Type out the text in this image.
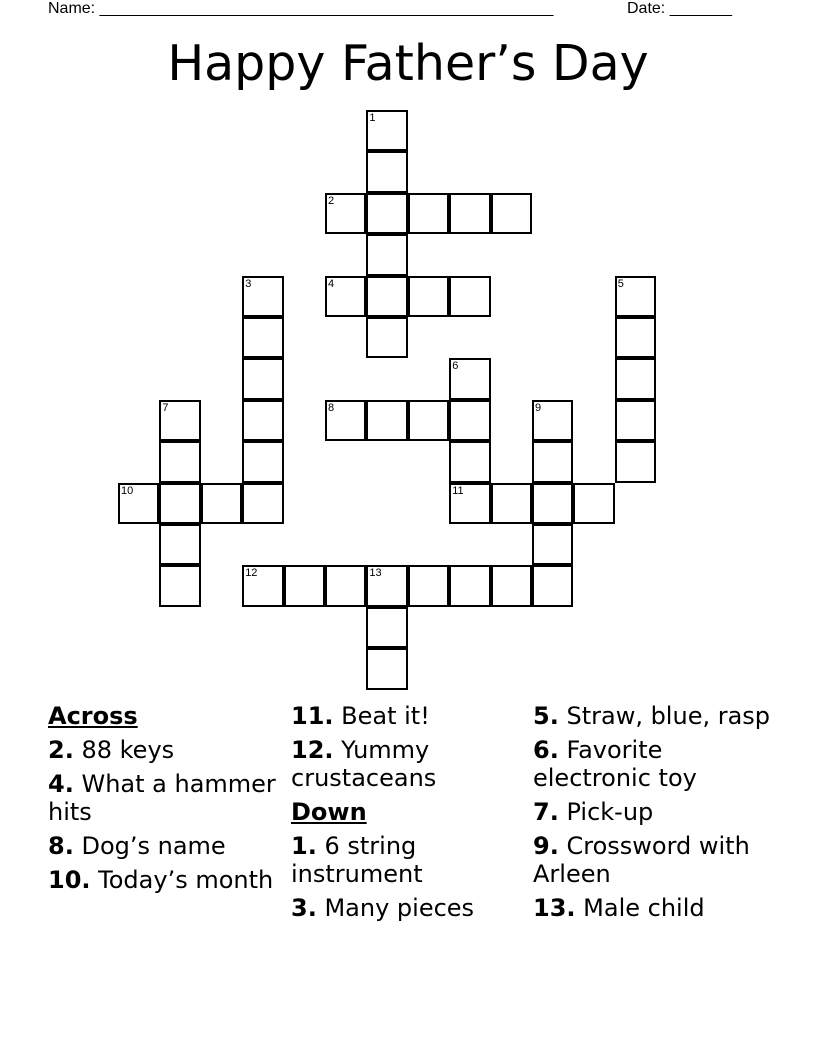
Name: ___________________________________________________	Date: _______
Happy Father’s Day
1
2
3	4	5
6
7	8	9
10	11
12	13
Across
2. 88 keys
4. What a hammer hits
8. Dog’s name
10. Today’s month
11. Beat it!
12. Yummy crustaceans
Down
1. 6 string instrument
3. Many pieces
5. Straw, blue, rasp
6. Favorite electronic toy
7. Pick-up
9. Crossword with Arleen
13. Male child
